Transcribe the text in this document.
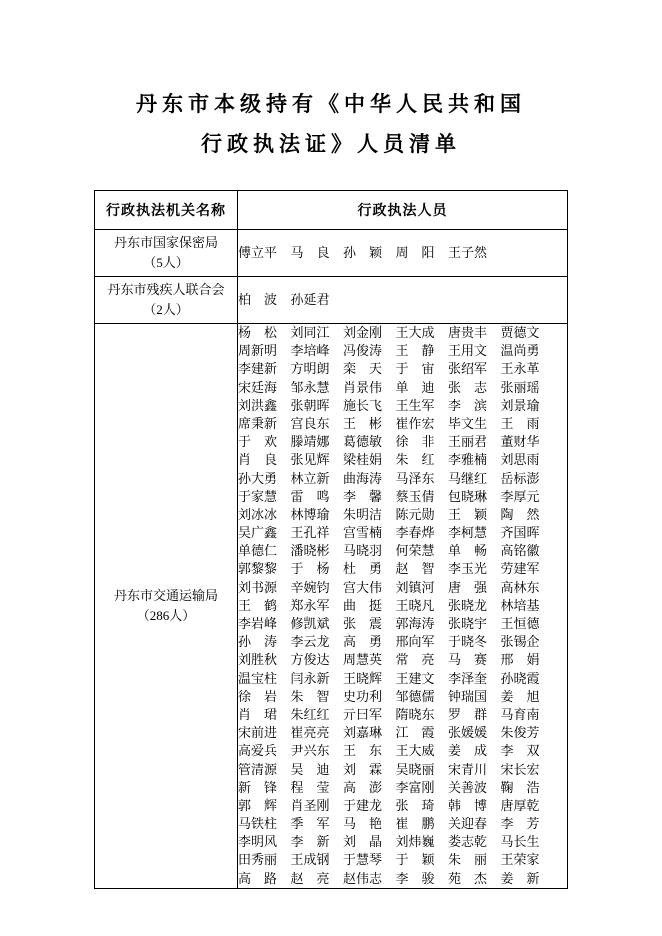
丹东市本级持有《中华人民共和国
行政执法证》人员清单
行政执法机关名称	行政执法人员

丹东市国家保密局
（5人）

傅立平	马　良	孙　颖	周　阳	王子然

丹东市残疾人联合会
（2人）

柏　波	孙延君

丹东市交通运输局
（286人）

杨　松	刘同江	刘金刚	王大成	唐贵丰	贾德文
周新明	李培峰	冯俊涛	王　静	王用文	温尚勇
李建新	方明朗	栾　天	于　宙	张绍军	王永革
宋廷海	邹永慧	肖景伟	单　迪	张　志	张丽瑶
刘洪鑫	张朝晖	施长飞	王生军	李　滨	刘景瑜
席秉新	宫良东	王　彬	崔作宏	毕文生	王　雨
于　欢	滕靖娜	葛德敏	徐　非	王丽君	董财华
肖　良	张见辉	梁桂娟	朱　红	李雅楠	刘思雨
孙大勇	林立新	曲海涛	马泽东	马继红	岳标澎
于家慧	雷　鸣	李　馨	蔡玉倩	包晓琳	李厚元
刘冰冰	林博瑜	朱明洁	陈元勋	王　颖	陶　然
吴广鑫	王孔祥	宫雪楠	李春烨	李柯慧	齐国晖
单德仁	潘晓彬	马晓羽	何荣慧	单　畅	高铭徽
郭黎黎	于　杨	杜　勇	赵　智	李玉光	劳建军
刘书源	辛婉钧	宫大伟	刘镇河	唐　强	高林东
王　鹤	郑永军	曲　挺	王晓凡	张晓龙	林培基
李岩峰	修凯斌	张　震	郭海涛	张晓宇	王恒德
孙　涛	李云龙	高　勇	邢向军	于晓冬	张锡企
刘胜秋	方俊达	周慧英	常　亮	马　赛	邢　娟
温宝柱	闫永新	王晓辉	王建文	李泽奎	孙晓霞
徐　岩	朱　智	史功利	邹德儒	钟瑞国	姜　旭
肖　珺	朱红红	亓曰军	隋晓东	罗　群	马育南
宋前进	崔亮亮	刘嘉琳	江　霞	张媛媛	朱俊芳
高爱兵	尹兴东	王　东	王大威	姜　成	李　双
管清源	吴　迪	刘　霖	吴晓丽	宋青川	宋长宏
新　锋	程　莹	高　澎	李富刚	关善波	鞠　浩
郭　辉	肖圣刚	于建龙	张　琦	韩　博	唐厚乾
马铁柱	季　军	马　艳	崔　鹏	关迎春	李　芳
李明风	李　新	刘　晶	刘炜巍	娄志乾	马长生
田秀丽	王成钢	于慧琴	于　颖	朱　丽	王荣家
高　路	赵　亮	赵伟志	李　骏	苑　杰	姜　新
